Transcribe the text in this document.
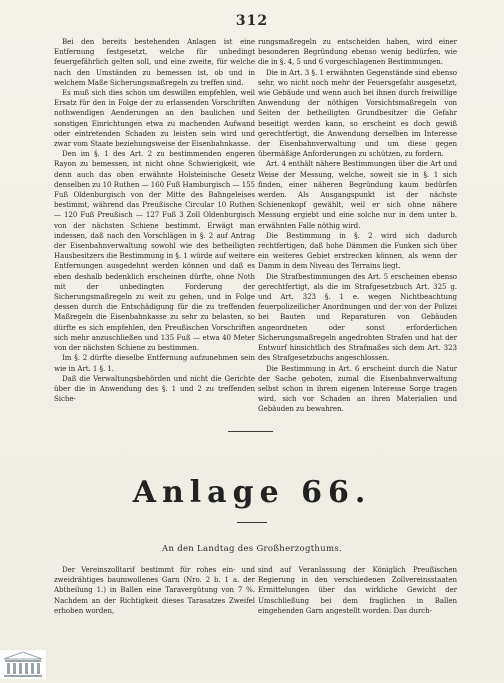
312

Bei den bereits bestehenden Anlagen ist eine Entfernung festgesetzt, welche für unbedingt feuergefährlich gelten soll, und eine zweite, für welche nach den Umständen zu bemessen ist, ob und in welchem Maße Sicherungsmaßregeln zu treffen sind.

Es muß sich dies schon um deswillen empfehlen, weil Ersatz für den in Folge der zu erlassenden Vorschriften nothwendigen Aenderungen an den baulichen und sonstigen Einrichtungen etwa zu machenden Aufwand oder eintretenden Schaden zu leisten sein wird und zwar vom Staate beziehungsweise der Eisenbahnkasse.

Den im §. 1 des Art. 2 zu bestimmenden engeren Rayon zu bemessen, ist nicht ohne Schwierigkeit, wie denn auch das oben erwähnte Holsteinische Gesetz denselben zu 10 Ruthen — 160 Fuß Hamburgisch — 155 Fuß Oldenburgisch von der Mitte des Bahngeleises bestimmt, während das Preußische Circular 10 Ruthen — 120 Fuß Preußisch — 127 Fuß 3 Zoll Oldenburgisch von der nächsten Schiene bestimmt. Erwägt man indessen, daß nach den Vorschlägen in §. 2 auf Antrag der Eisenbahnverwaltung sowohl wie des betheiligten Hausbesitzers die Bestimmung in §. 1 würde auf weitere Entfernungen ausgedehnt werden können und daß es eben deshalb bedenklich erscheinen dürfte, ohne Noth mit der unbedingten Forderung der Sicherungsmaßregeln zu weit zu gehen, und in Folge dessen durch die Entschädigung für die zu treffenden Maßregeln die Eisenbahnkasse zu sehr zu belasten, so dürfte es sich empfehlen, den Preußischen Vorschriften sich mehr anzuschließen und 135 Fuß — etwa 40 Meter von der nächsten Schiene zu bestimmen.

Im §. 2 dürfte dieselbe Entfernung aufzunehmen sein wie in Art. 1 §. 1.

Daß die Verwaltungsbehörden und nicht die Gerichte über die in Anwendung des §. 1 und 2 zu treffenden Siche-

rungsmaßregeln zu entscheiden haben, wird einer besonderen Begründung ebenso wenig bedürfen, wie die in §. 4, 5 und 6 vorgeschlagenen Bestimmungen.

Die in Art. 3 §. 1 erwähnten Gegenstände sind ebenso sehr, wo nicht noch mehr der Feuersgefahr ausgesetzt, wie Gebäude und wenn auch bei ihnen durch freiwillige Anwendung der nöthigen Vorsichtsmaßregeln von Seiten der betheiligten Grundbesitzer die Gefahr beseitigt werden kann, so erscheint es doch gewiß gerechtfertigt, die Anwendung derselben im Interesse der Eisenbahnverwaltung und um diese gegen übermäßige Anforderungen zu schützen, zu fordern.

Art. 4 enthält nähere Bestimmungen über die Art und Weise der Messung, welche, soweit sie in §. 1 sich finden, einer näheren Begründung kaum bedürfen werden. Als Ausgangspunkt ist der nächste Schienenkopf gewählt, weil er sich ohne nähere Messung ergiebt und eine solche nur in dem unter b. erwähnten Falle nöthig wird.

Die Bestimmung in §. 2 wird sich dadurch rechtfertigen, daß hohe Dämmen die Funken sich über ein weiteres Gebiet erstrecken können, als wenn der Damm in dem Niveau des Terrains liegt.

Die Strafbestimmungen des Art. 5 erscheinen ebenso gerechtfertigt, als die im Strafgesetzbuch Art. 325 g. und Art. 323 §. 1 e. wegen Nichtbeachtung feuerpolizeilicher Anordnungen und der von der Polizei bei Bauten und Reparaturen von Gebäuden angeordneten oder sonst erforderlichen Sicherungsmaßregeln angedrohten Strafen und hat der Entwurf hinsichtlich des Strafmaßes sich dem Art. 323 des Strafgesetzbuchs angeschlossen.

Die Bestimmung in Art. 6 erscheint durch die Natur der Sache geboten, zumal die Eisenbahnverwaltung selbst schon in ihrem eigenen Interesse Sorge tragen wird, sich vor Schaden an ihren Materialien und Gebäuden zu bewahren.

Anlage 66.
An den Landtag des Großherzogthums.

Der Vereinszolltarif bestimmt für rohes ein- und zweidrähtiges baumwollenes Garn (Nro. 2 b. 1 a. der Abtheilung 1.) in Ballen eine Taravergütung von 7 %. Nachdem an der Richtigkeit dieses Tarasatzes Zweifel erhoben worden,

sind auf Veranlassung der Königlich Preußischen Regierung in den verschiedenen Zollvereinsstaaten Ermittelungen über das wirkliche Gewicht der Umschließung bei dem fraglichen in Ballen eingehenden Garn angestellt worden. Das durch-
